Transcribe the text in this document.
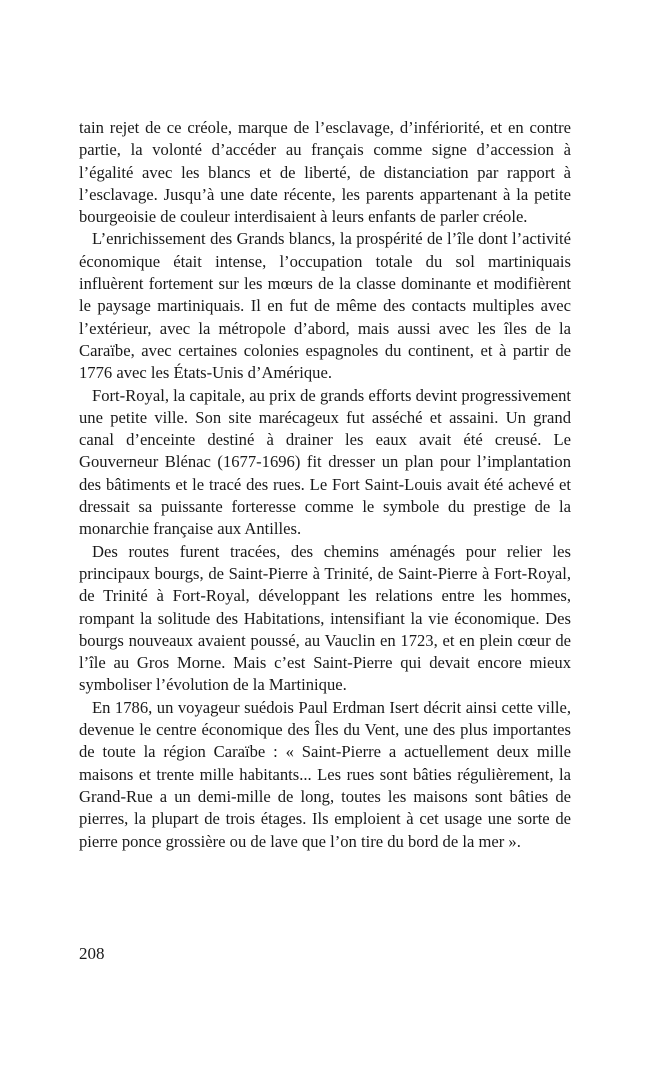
tain rejet de ce créole, marque de l’esclavage, d’infériorité, et en contre partie, la volonté d’accéder au français comme signe d’accession à l’égalité avec les blancs et de liberté, de distanciation par rapport à l’esclavage. Jusqu’à une date récente, les parents appartenant à la petite bourgeoisie de couleur interdisaient à leurs enfants de parler créole.

L’enrichissement des Grands blancs, la prospérité de l’île dont l’activité économique était intense, l’occupation totale du sol martiniquais influèrent fortement sur les mœurs de la classe dominante et modifièrent le paysage martiniquais. Il en fut de même des contacts multiples avec l’extérieur, avec la métropole d’abord, mais aussi avec les îles de la Caraïbe, avec certaines colonies espagnoles du continent, et à partir de 1776 avec les États-Unis d’Amérique.

Fort-Royal, la capitale, au prix de grands efforts devint progressivement une petite ville. Son site marécageux fut asséché et assaini. Un grand canal d’enceinte destiné à drainer les eaux avait été creusé. Le Gouverneur Blénac (1677-1696) fit dresser un plan pour l’implantation des bâtiments et le tracé des rues. Le Fort Saint-Louis avait été achevé et dressait sa puissante forteresse comme le symbole du prestige de la monarchie française aux Antilles.

Des routes furent tracées, des chemins aménagés pour relier les principaux bourgs, de Saint-Pierre à Trinité, de Saint-Pierre à Fort-Royal, de Trinité à Fort-Royal, développant les relations entre les hommes, rompant la solitude des Habitations, intensifiant la vie économique. Des bourgs nouveaux avaient poussé, au Vauclin en 1723, et en plein cœur de l’île au Gros Morne. Mais c’est Saint-Pierre qui devait encore mieux symboliser l’évolution de la Martinique.

En 1786, un voyageur suédois Paul Erdman Isert décrit ainsi cette ville, devenue le centre économique des Îles du Vent, une des plus importantes de toute la région Caraïbe : « Saint-Pierre a actuellement deux mille maisons et trente mille habitants... Les rues sont bâties régulièrement, la Grand-Rue a un demi-mille de long, toutes les maisons sont bâties de pierres, la plupart de trois étages. Ils emploient à cet usage une sorte de pierre ponce grossière ou de lave que l’on tire du bord de la mer ».

208
